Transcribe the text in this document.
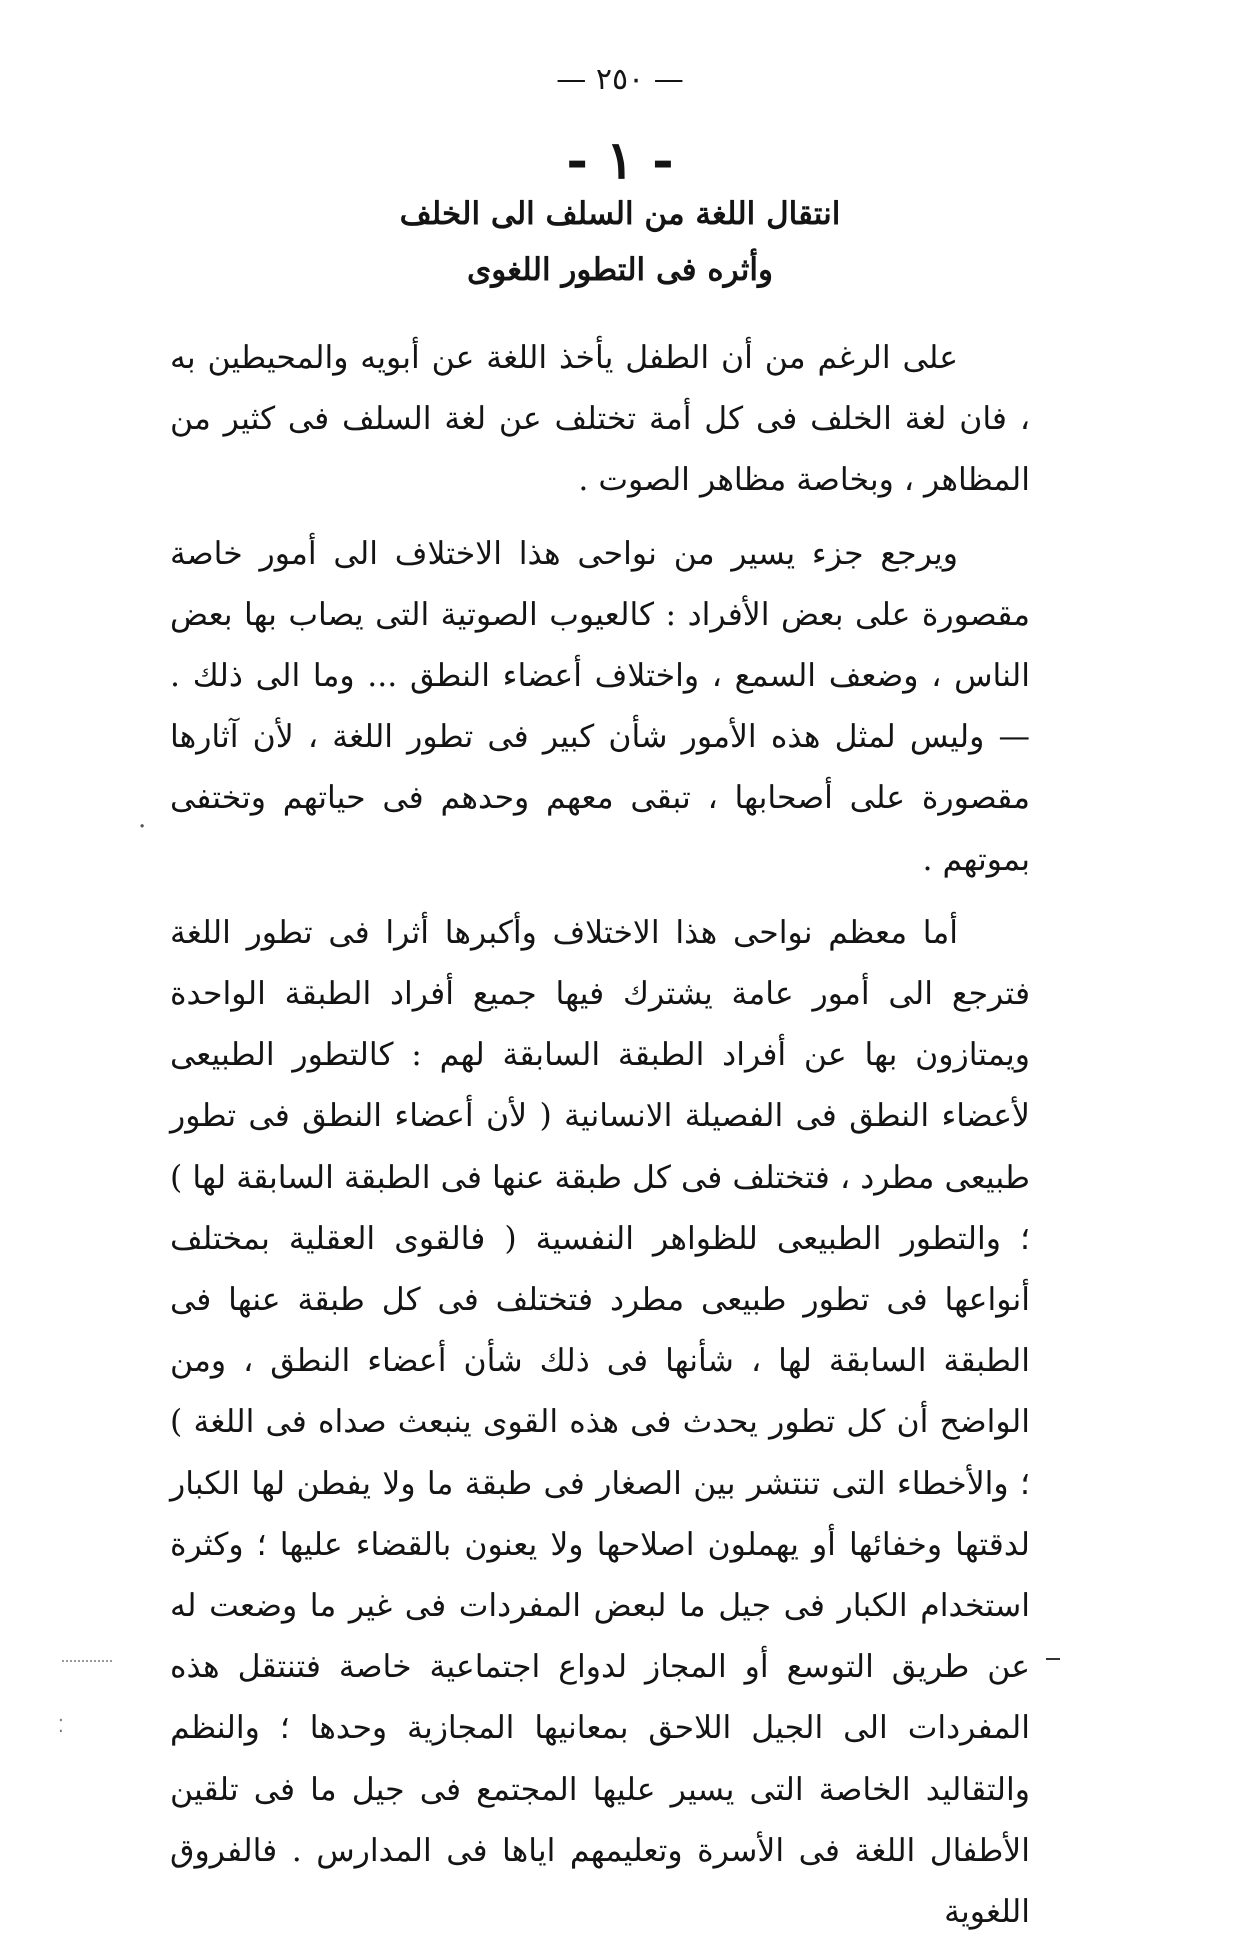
— ٢٥٠ —
- ١ -
انتقال اللغة من السلف الى الخلف
وأثره فى التطور اللغوى

على الرغم من أن الطفل يأخذ اللغة عن أبويه والمحيطين به ، فان لغة الخلف فى كل أمة تختلف عن لغة السلف فى كثير من المظاهر ، وبخاصة مظاهر الصوت .

ويرجع جزء يسير من نواحى هذا الاختلاف الى أمور خاصة مقصورة على بعض الأفراد : كالعيوب الصوتية التى يصاب بها بعض الناس ، وضعف السمع ، واختلاف أعضاء النطق ... وما الى ذلك . — وليس لمثل هذه الأمور شأن كبير فى تطور اللغة ، لأن آثارها مقصورة على أصحابها ، تبقى معهم وحدهم فى حياتهم وتختفى بموتهم .

أما معظم نواحى هذا الاختلاف وأكبرها أثرا فى تطور اللغة فترجع الى أمور عامة يشترك فيها جميع أفراد الطبقة الواحدة ويمتازون بها عن أفراد الطبقة السابقة لهم : كالتطور الطبيعى لأعضاء النطق فى الفصيلة الانسانية ( لأن أعضاء النطق فى تطور طبيعى مطرد ، فتختلف فى كل طبقة عنها فى الطبقة السابقة لها ) ؛ والتطور الطبيعى للظواهر النفسية ( فالقوى العقلية بمختلف أنواعها فى تطور طبيعى مطرد فتختلف فى كل طبقة عنها فى الطبقة السابقة لها ، شأنها فى ذلك شأن أعضاء النطق ، ومن الواضح أن كل تطور يحدث فى هذه القوى ينبعث صداه فى اللغة ) ؛ والأخطاء التى تنتشر بين الصغار فى طبقة ما ولا يفطن لها الكبار لدقتها وخفائها أو يهملون اصلاحها ولا يعنون بالقضاء عليها ؛ وكثرة استخدام الكبار فى جيل ما لبعض المفردات فى غير ما وضعت له عن طريق التوسع أو المجاز لدواع اجتماعية خاصة فتنتقل هذه المفردات الى الجيل اللاحق بمعانيها المجازية وحدها ؛ والنظم والتقاليد الخاصة التى يسير عليها المجتمع فى جيل ما فى تلقين الأطفال اللغة فى الأسرة وتعليمهم اياها فى المدارس . فالفروق اللغوية

·
⁚
